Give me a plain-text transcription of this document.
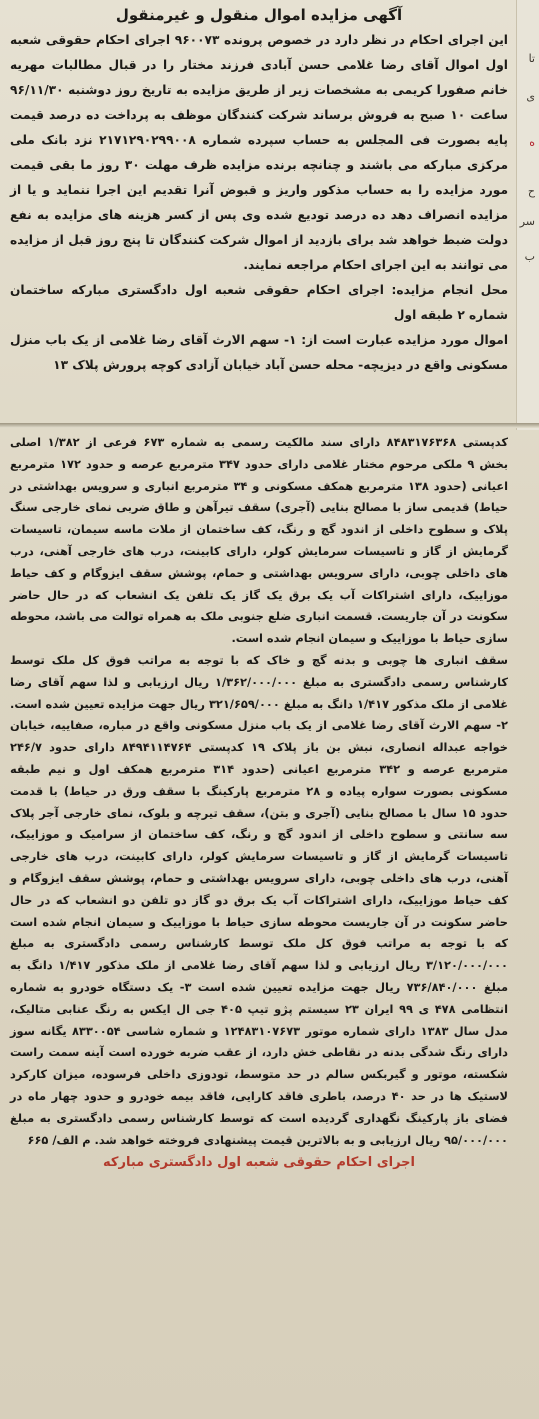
تا
ی
ه
ح
سر
ب
آگهی مزایده اموال منقول و غیرمنقول

این اجرای احکام در نظر دارد در خصوص پرونده ۹۶۰۰۷۳ اجرای احکام حقوقی شعبه اول اموال آقای رضا غلامی حسن آبادی فرزند مختار را در قبال مطالبات مهریه خانم صفورا کریمی به مشخصات زیر از طریق مزایده به تاریخ روز دوشنبه ۹۶/۱۱/۳۰ ساعت ۱۰ صبح به فروش برساند شرکت کنندگان موظف به پرداخت ده درصد قیمت پایه بصورت فی المجلس به حساب سپرده شماره ۲۱۷۱۲۹۰۲۹۹۰۰۸ نزد بانک ملی مرکزی مبارکه می باشند و چنانچه برنده مزایده ظرف مهلت ۳۰ روز ما بقی قیمت مورد مزایده را به حساب مذکور واریز و قبوض آنرا تقدیم این اجرا ننماید و یا از مزایده انصراف دهد ده درصد تودیع شده وی پس از کسر هزینه های مزایده به نفع دولت ضبط خواهد شد برای بازدید از اموال شرکت کنندگان تا پنج روز قبل از مزایده می توانند به این اجرای احکام مراجعه نمایند.

محل انجام مزایده: اجرای احکام حقوقی شعبه اول دادگستری مبارکه ساختمان شماره ۲ طبقه اول

اموال مورد مزایده عبارت است از: ۱- سهم الارث آقای رضا غلامی از یک باب منزل مسکونی واقع در دیزیچه- محله حسن آباد خیابان آزادی کوچه پرورش پلاک ۱۳

کدپستی ۸۴۸۳۱۷۶۳۶۸ دارای سند مالکیت رسمی به شماره ۶۷۳ فرعی از ۱/۳۸۲ اصلی بخش ۹ ملکی مرحوم مختار غلامی دارای حدود ۳۴۷ مترمربع عرصه و حدود ۱۷۲ مترمربع اعیانی (حدود ۱۳۸ مترمربع همکف مسکونی و ۳۴ مترمربع انباری و سرویس بهداشتی در حیاط) قدیمی ساز با مصالح بنایی (آجری) سقف تیرآهن و طاق ضربی نمای خارجی سنگ پلاک و سطوح داخلی از اندود گچ و رنگ، کف ساختمان از ملات ماسه سیمان، تاسیسات گرمایش از گاز و تاسیسات سرمایش کولر، دارای کابینت، درب های خارجی آهنی، درب های داخلی چوبی، دارای سرویس بهداشتی و حمام، پوشش سقف ایزوگام و کف حیاط موزاییک، دارای اشتراکات آب یک برق یک گاز یک تلفن یک انشعاب که در حال حاضر سکونت در آن جاریست. قسمت انباری ضلع جنوبی ملک به همراه توالت می باشد، محوطه سازی حیاط با موزاییک و سیمان انجام شده است.

سقف انباری ها چوبی و بدنه گچ و خاک که با توجه به مراتب فوق کل ملک توسط کارشناس رسمی دادگستری به مبلغ ۱/۳۶۲/۰۰۰/۰۰۰ ریال ارزیابی و لذا سهم آقای رضا غلامی از ملک مذکور ۱/۴۱۷ دانگ به مبلغ ۳۲۱/۶۵۹/۰۰۰ ریال جهت مزایده تعیین شده است. ۲- سهم الارث آقای رضا غلامی از یک باب منزل مسکونی واقع در مباره، صفاییه، خیابان خواجه عبداله انصاری، نبش بن باز پلاک ۱۹ کدپستی ۸۴۹۴۱۱۴۷۶۴ دارای حدود ۲۴۶/۷ مترمربع عرصه و ۳۴۲ مترمربع اعیانی (حدود ۳۱۴ مترمربع همکف اول و نیم طبقه مسکونی بصورت سواره پیاده و ۲۸ مترمربع پارکینگ با سقف ورق در حیاط) با قدمت حدود ۱۵ سال با مصالح بنایی (آجری و بتن)، سقف تیرچه و بلوک، نمای خارجی آجر پلاک سه سانتی و سطوح داخلی از اندود گچ و رنگ، کف ساختمان از سرامیک و موزاییک، تاسیسات گرمایش از گاز و تاسیسات سرمایش کولر، دارای کابینت، درب های خارجی آهنی، درب های داخلی چوبی، دارای سرویس بهداشتی و حمام، پوشش سقف ایزوگام و کف حیاط موزاییک، دارای اشتراکات آب یک برق دو گاز دو تلفن دو انشعاب که در حال حاضر سکونت در آن جاریست محوطه سازی حیاط با موزاییک و سیمان انجام شده است که با توجه به مراتب فوق کل ملک توسط کارشناس رسمی دادگستری به مبلغ ۳/۱۲۰/۰۰۰/۰۰۰ ریال ارزیابی و لذا سهم آقای رضا غلامی از ملک مذکور ۱/۴۱۷ دانگ به مبلغ ۷۳۶/۸۴۰/۰۰۰ ریال جهت مزایده تعیین شده است ۳- یک دستگاه خودرو به شماره انتظامی ۴۷۸ ی ۹۹ ایران ۲۳ سیستم پژو تیپ ۴۰۵ جی ال ایکس به رنگ عنابی متالیک، مدل سال ۱۳۸۳ دارای شماره موتور ۱۲۴۸۳۱۰۷۶۷۳ و شماره شاسی ۸۳۳۰۰۵۴ یگانه سوز دارای رنگ شدگی بدنه در نقاطی خش دارد، از عقب ضربه خورده است آینه سمت راست شکسته، موتور و گیربکس سالم در حد متوسط، تودوزی داخلی فرسوده، میزان کارکرد لاستیک ها در حد ۴۰ درصد، باطری فاقد کارایی، فاقد بیمه خودرو و حدود چهار ماه در فضای باز پارکینگ نگهداری گردیده است که توسط کارشناس رسمی دادگستری به مبلغ ۹۵/۰۰۰/۰۰۰ ریال ارزیابی و به بالاترین قیمت پیشنهادی فروخته خواهد شد. م الف/ ۶۶۵

اجرای احکام حقوقی شعبه اول دادگستری مبارکه
